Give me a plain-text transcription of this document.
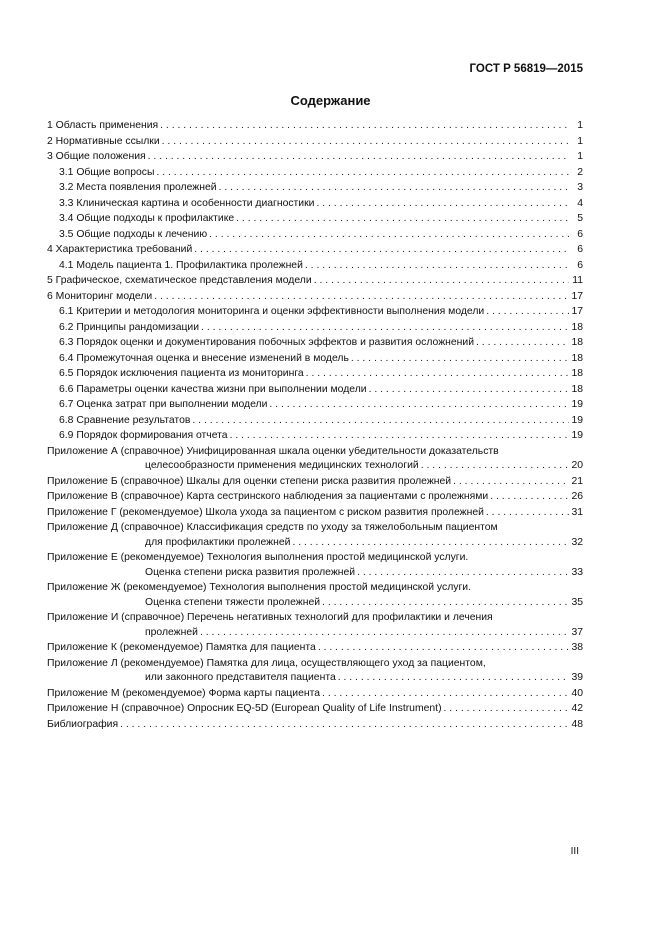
ГОСТ Р 56819—2015
Содержание
1 Область применения . . .	1
2 Нормативные ссылки . . .	1
3 Общие положения . . .	1
3.1 Общие вопросы . . .	2
3.2 Места появления пролежней . . .	3
3.3 Клиническая картина и особенности диагностики . . .	4
3.4 Общие подходы к профилактике . . .	5
3.5 Общие подходы к лечению . . .	6
4 Характеристика требований . . .	6
4.1 Модель пациента 1. Профилактика пролежней . . .	6
5 Графическое, схематическое представления модели . . .	11
6 Мониторинг модели . . .	17
6.1 Критерии и методология мониторинга и оценки эффективности выполнения модели . . .	17
6.2 Принципы рандомизации . . .	18
6.3 Порядок оценки и документирования побочных эффектов и развития осложнений . . .	18
6.4 Промежуточная оценка и внесение изменений в модель . . .	18
6.5 Порядок исключения пациента из мониторинга . . .	18
6.6 Параметры оценки качества жизни при выполнении модели . . .	18
6.7 Оценка затрат при выполнении модели . . .	19
6.8 Сравнение результатов . . .	19
6.9 Порядок формирования отчета . . .	19
Приложение А (справочное) Унифицированная шкала оценки убедительности доказательств
целесообразности применения медицинских технологий . . .	20
Приложение Б (справочное) Шкалы для оценки степени риска развития пролежней . . .	21
Приложение В (справочное) Карта сестринского наблюдения за пациентами с пролежнями . . .	26
Приложение Г (рекомендуемое) Школа ухода за пациентом с риском развития пролежней . . .	31
Приложение Д (справочное) Классификация средств по уходу за тяжелобольным пациентом
для профилактики пролежней . . .	32
Приложение Е (рекомендуемое) Технология выполнения простой медицинской услуги.
Оценка степени риска развития пролежней . . .	33
Приложение Ж (рекомендуемое) Технология выполнения простой медицинской услуги.
Оценка степени тяжести пролежней . . .	35
Приложение И (справочное) Перечень негативных технологий для профилактики и лечения
пролежней . . .	37
Приложение К (рекомендуемое) Памятка для пациента . . .	38
Приложение Л (рекомендуемое) Памятка для лица, осуществляющего уход за пациентом,
или законного представителя пациента . . .	39
Приложение М (рекомендуемое) Форма карты пациента . . .	40
Приложение Н (справочное) Опросник EQ-5D (European Quality of Life Instrument) . . .	42
Библиография . . .	48
III
